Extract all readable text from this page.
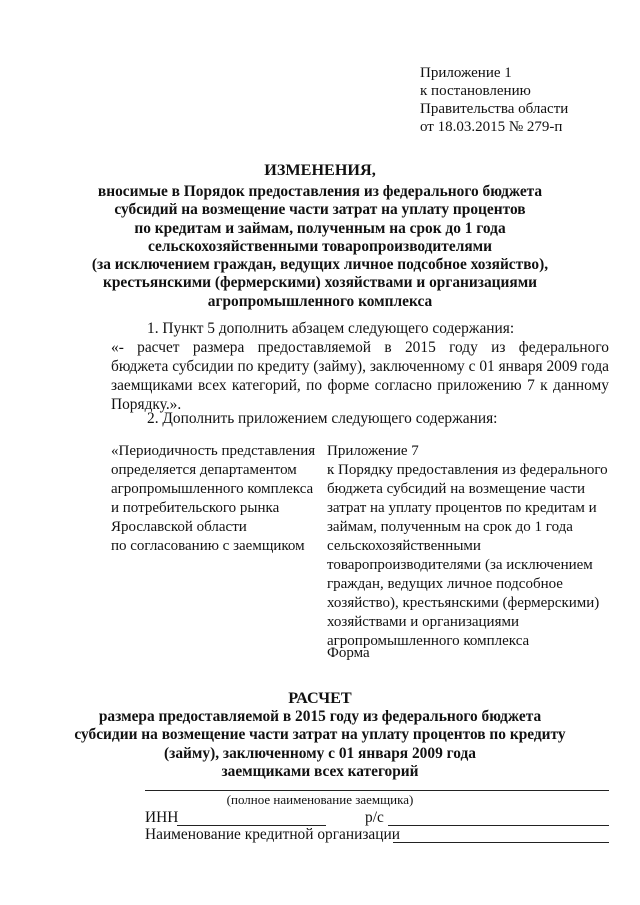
Приложение 1
к постановлению
Правительства области
от 18.03.2015 № 279-п
ИЗМЕНЕНИЯ,
вносимые в Порядок предоставления из федерального бюджета
субсидий на возмещение части затрат на уплату процентов
по кредитам и займам, полученным на срок до 1 года
сельскохозяйственными товаропроизводителями
(за исключением граждан, ведущих личное подсобное хозяйство),
крестьянскими (фермерскими) хозяйствами и организациями
агропромышленного комплекса
1. Пункт 5 дополнить абзацем следующего содержания:
«- расчет размера предоставляемой в 2015 году из федерального
бюджета субсидии по кредиту (займу), заключенному с 01 января 2009 года
заемщиками всех категорий, по форме согласно приложению 7 к данному
Порядку.».
2. Дополнить приложением следующего содержания:
«Периодичность представления
определяется департаментом
агропромышленного комплекса
и потребительского рынка
Ярославской области
по согласованию с заемщиком
Приложение 7
к Порядку предоставления из федерального
бюджета субсидий на возмещение части
затрат на уплату процентов по кредитам и
займам, полученным на срок до 1 года
сельскохозяйственными
товаропроизводителями (за исключением
граждан, ведущих личное подсобное
хозяйство), крестьянскими (фермерскими)
хозяйствами и организациями
агропромышленного комплекса
Форма
РАСЧЕТ
размера предоставляемой в 2015 году из федерального бюджета
субсидии на возмещение части затрат на уплату процентов по кредиту
(займу), заключенному с 01 января 2009 года
заемщиками всех категорий
(полное наименование заемщика)
ИНН	р/с
Наименование кредитной организации
